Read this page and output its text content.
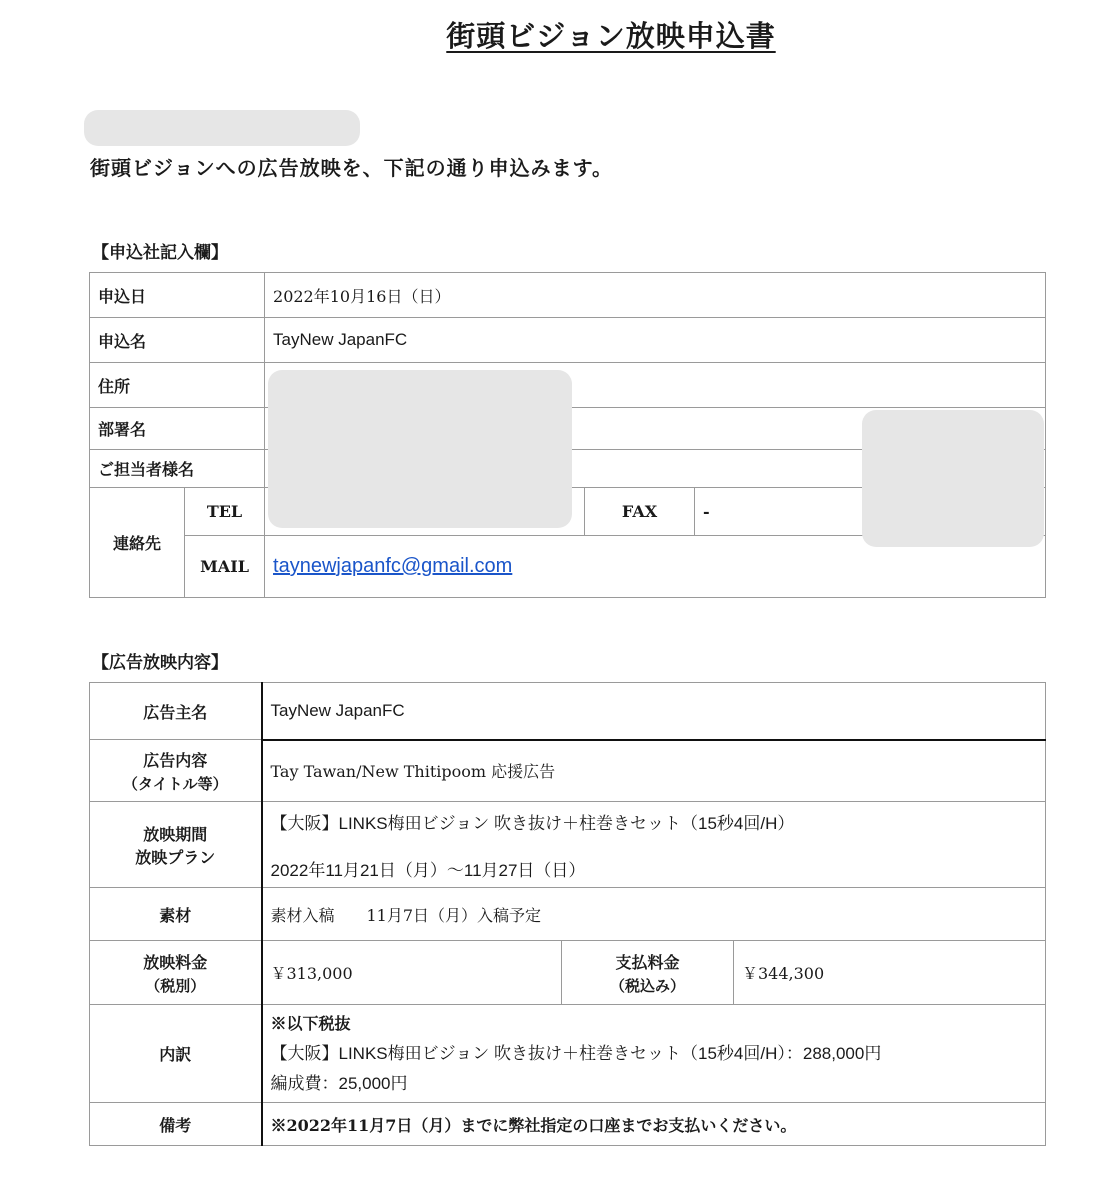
街頭ビジョン放映申込書
街頭ビジョンへの広告放映を、下記の通り申込みます。
【申込社記入欄】
申込日		2022年10月16日（日）		
申込名		TayNew JapanFC		
住所				
部署名				
ご担当者様名				
連絡先	TEL		FAX	-
	MAIL	taynewjapanfc@gmail.com		
【広告放映内容】
広告主名	TayNew JapanFC		

広告内容
（タイトル等）	Tay Tawan/New Thitipoom 応援広告		

放映期間
放映プラン	【大阪】LINKS梅田ビジョン 吹き抜け＋柱巻きセット（15秒4回/H）
2022年11月21日（月）〜11月27日（日）		

素材	素材入稿　　11月7日（月）入稿予定		

放映料金
（税別）	￥313,000	支払料金
（税込み）	￥344,300
内訳	※以下税抜
【大阪】LINKS梅田ビジョン 吹き抜け＋柱巻きセット（15秒4回/H）：288,000円
編成費：25,000円		

備考	※2022年11月7日（月）までに弊社指定の口座までお支払いください。		
